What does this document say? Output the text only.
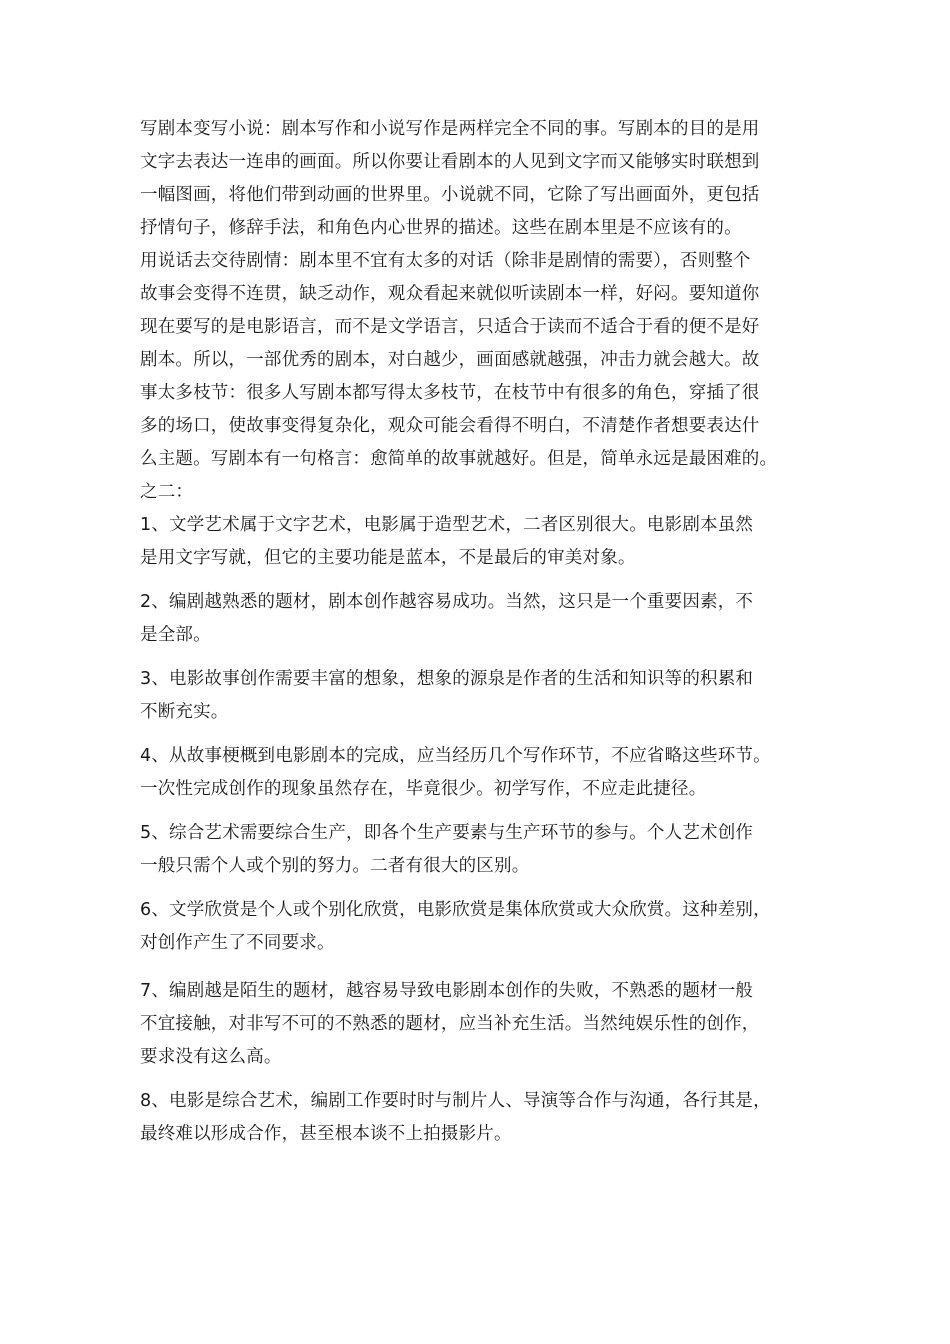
写剧本变写小说：剧本写作和小说写作是两样完全不同的事。写剧本的目的是用
文字去表达一连串的画面。所以你要让看剧本的人见到文字而又能够实时联想到
一幅图画，将他们带到动画的世界里。小说就不同，它除了写出画面外，更包括
抒情句子，修辞手法，和角色内心世界的描述。这些在剧本里是不应该有的。
用说话去交待剧情：剧本里不宜有太多的对话（除非是剧情的需要），否则整个
故事会变得不连贯，缺乏动作，观众看起来就似听读剧本一样，好闷。要知道你
现在要写的是电影语言，而不是文学语言，只适合于读而不适合于看的便不是好
剧本。所以，一部优秀的剧本，对白越少，画面感就越强，冲击力就会越大。故
事太多枝节：很多人写剧本都写得太多枝节，在枝节中有很多的角色，穿插了很
多的场口，使故事变得复杂化，观众可能会看得不明白，不清楚作者想要表达什
么主题。写剧本有一句格言：愈简单的故事就越好。但是，简单永远是最困难的。
之二：
1、文学艺术属于文字艺术，电影属于造型艺术，二者区别很大。电影剧本虽然
是用文字写就，但它的主要功能是蓝本，不是最后的审美对象。
2、编剧越熟悉的题材，剧本创作越容易成功。当然，这只是一个重要因素，不
是全部。
3、电影故事创作需要丰富的想象，想象的源泉是作者的生活和知识等的积累和
不断充实。
4、从故事梗概到电影剧本的完成，应当经历几个写作环节，不应省略这些环节。
一次性完成创作的现象虽然存在，毕竟很少。初学写作，不应走此捷径。
5、综合艺术需要综合生产，即各个生产要素与生产环节的参与。个人艺术创作
一般只需个人或个别的努力。二者有很大的区别。
6、文学欣赏是个人或个别化欣赏，电影欣赏是集体欣赏或大众欣赏。这种差别，
对创作产生了不同要求。
7、编剧越是陌生的题材，越容易导致电影剧本创作的失败，不熟悉的题材一般
不宜接触，对非写不可的不熟悉的题材，应当补充生活。当然纯娱乐性的创作，
要求没有这么高。
8、电影是综合艺术，编剧工作要时时与制片人、导演等合作与沟通，各行其是，
最终难以形成合作，甚至根本谈不上拍摄影片。
